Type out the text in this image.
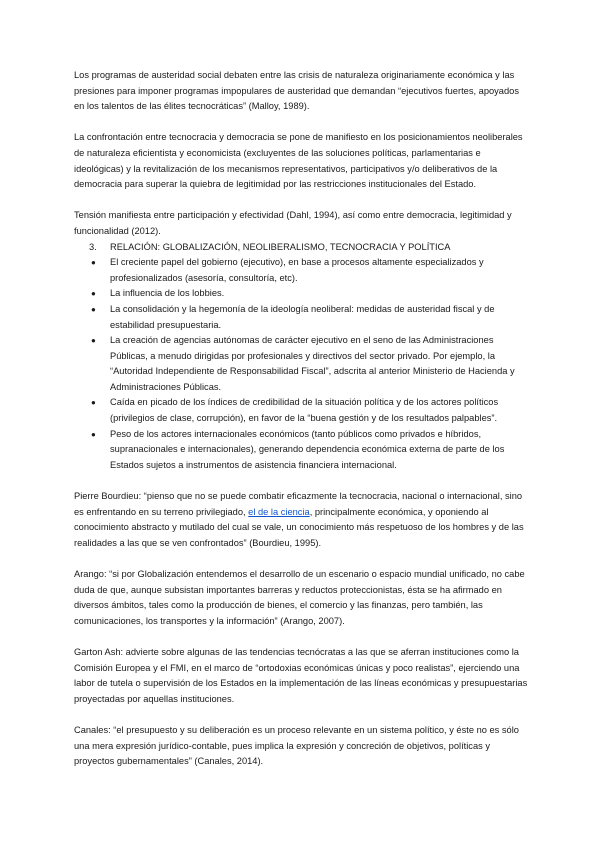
Los programas de austeridad social debaten entre las crisis de naturaleza originariamente económica y las presiones para imponer programas impopulares de austeridad que demandan “ejecutivos fuertes, apoyados en los talentos de las élites tecnocráticas” (Malloy, 1989).

La confrontación entre tecnocracia y democracia se pone de manifiesto en los posicionamientos neoliberales de naturaleza eficientista y economicista (excluyentes de las soluciones políticas, parlamentarias e ideológicas) y la revitalización de los mecanismos representativos, participativos y/o deliberativos de la democracia para superar la quiebra de legitimidad por las restricciones institucionales del Estado.

Tensión manifiesta entre participación y efectividad (Dahl, 1994), así como entre democracia, legitimidad y funcionalidad (2012).

3.	RELACIÓN: GLOBALIZACIÓN, NEOLIBERALISMO, TECNOCRACIA Y POLÍTICA
● El creciente papel del gobierno (ejecutivo), en base a procesos altamente especializados y profesionalizados (asesoría, consultoría, etc).
● La influencia de los lobbies.
● La consolidación y la hegemonía de la ideología neoliberal: medidas de austeridad fiscal y de estabilidad presupuestaria.
● La creación de agencias autónomas de carácter ejecutivo en el seno de las Administraciones Públicas, a menudo dirigidas por profesionales y directivos del sector privado. Por ejemplo, la “Autoridad Independiente de Responsabilidad Fiscal”, adscrita al anterior Ministerio de Hacienda y Administraciones Públicas.
● Caída en picado de los índices de credibilidad de la situación política y de los actores políticos (privilegios de clase, corrupción), en favor de la “buena gestión y de los resultados palpables”.
● Peso de los actores internacionales económicos (tanto públicos como privados e híbridos, supranacionales e internacionales), generando dependencia económica externa de parte de los Estados sujetos a instrumentos de asistencia financiera internacional.

Pierre Bourdieu: “pienso que no se puede combatir eficazmente la tecnocracia, nacional o internacional, sino es enfrentando en su terreno privilegiado, el de la ciencia, principalmente económica, y oponiendo al conocimiento abstracto y mutilado del cual se vale, un conocimiento más respetuoso de los hombres y de las realidades a las que se ven confrontados” (Bourdieu, 1995).

Arango: “si por Globalización entendemos el desarrollo de un escenario o espacio mundial unificado, no cabe duda de que, aunque subsistan importantes barreras y reductos proteccionistas, ésta se ha afirmado en diversos ámbitos, tales como la producción de bienes, el comercio y las finanzas, pero también, las comunicaciones, los transportes y la información” (Arango, 2007).

Garton Ash: advierte sobre algunas de las tendencias tecnócratas a las que se aferran instituciones como la Comisión Europea y el FMI, en el marco de “ortodoxias económicas únicas y poco realistas”, ejerciendo una labor de tutela o supervisión de los Estados en la implementación de las líneas económicas y presupuestarias proyectadas por aquellas instituciones.

Canales: “el presupuesto y su deliberación es un proceso relevante en un sistema político, y éste no es sólo una mera expresión jurídico-contable, pues implica la expresión y concreción de objetivos, políticas y proyectos gubernamentales” (Canales, 2014).
